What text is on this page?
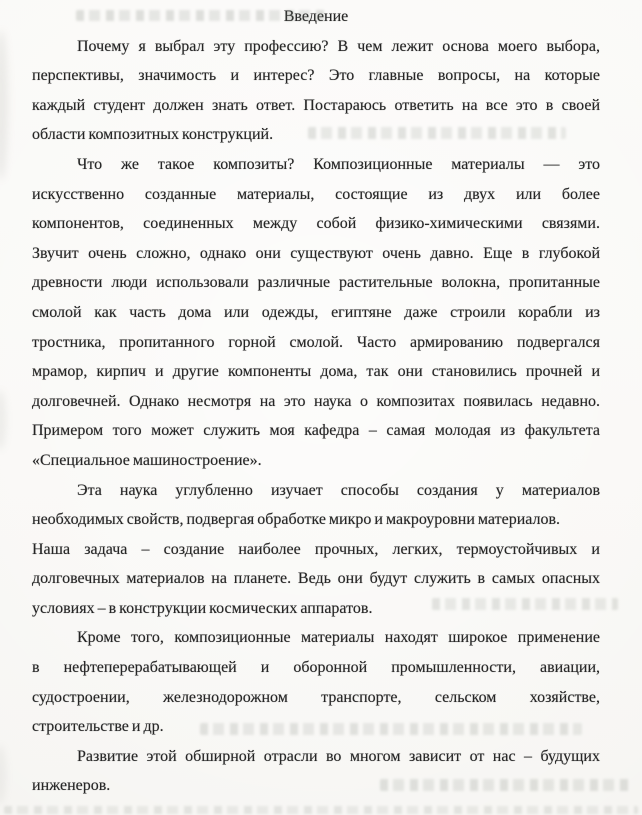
Введение
Почему я выбрал эту профессию? В чем лежит основа моего выбора,
перспективы, значимость и интерес? Это главные вопросы, на которые
каждый студент должен знать ответ. Постараюсь ответить на все это в своей
области композитных конструкций.
Что же такое композиты? Композиционные материалы — это
искусственно созданные материалы, состоящие из двух или более
компонентов, соединенных между собой физико-химическими связями.
Звучит очень сложно, однако они существуют очень давно. Еще в глубокой
древности люди использовали различные растительные волокна, пропитанные
смолой как часть дома или одежды, египтяне даже строили корабли из
тростника, пропитанного горной смолой. Часто армированию подвергался
мрамор, кирпич и другие компоненты дома, так они становились прочней и
долговечней. Однако несмотря на это наука о композитах появилась недавно.
Примером того может служить моя кафедра – самая молодая из факультета
«Специальное машиностроение».
Эта наука углубленно изучает способы создания у материалов
необходимых свойств, подвергая обработке микро и макроуровни материалов.
Наша задача – создание наиболее прочных, легких, термоустойчивых и
долговечных материалов на планете. Ведь они будут служить в самых опасных
условиях – в конструкции космических аппаратов.
Кроме того, композиционные материалы находят широкое применение
в нефтеперерабатывающей и оборонной промышленности, авиации,
судостроении, железнодорожном транспорте, сельском хозяйстве,
строительстве и др.
Развитие этой обширной отрасли во многом зависит от нас – будущих
инженеров.
